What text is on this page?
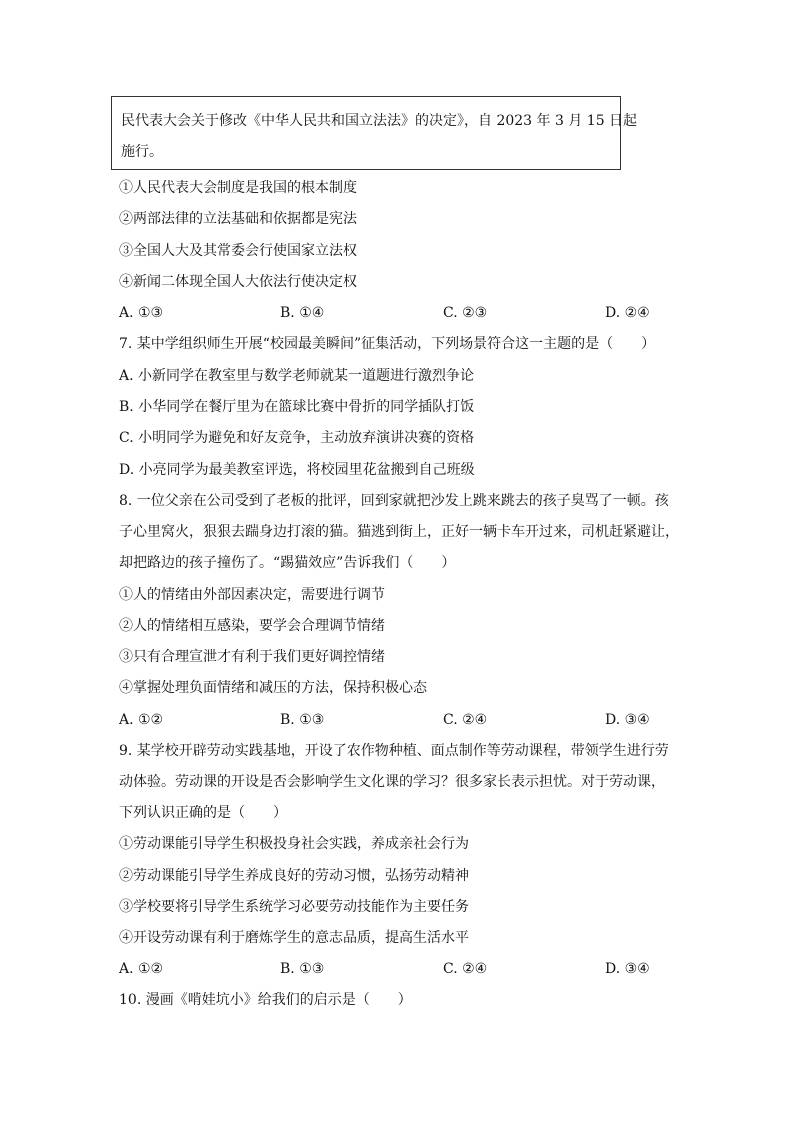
民代表大会关于修改《中华人民共和国立法法》的决定》，自 2023 年 3 月 15 日起
施行。
①人民代表大会制度是我国的根本制度
②两部法律的立法基础和依据都是宪法
③全国人大及其常委会行使国家立法权
④新闻二体现全国人大依法行使决定权
A. ①③	B. ①④	C. ②③	D. ②④
7. 某中学组织师生开展“校园最美瞬间”征集活动，下列场景符合这一主题的是（　　）
A. 小新同学在教室里与数学老师就某一道题进行激烈争论
B. 小华同学在餐厅里为在篮球比赛中骨折的同学插队打饭
C. 小明同学为避免和好友竞争，主动放弃演讲决赛的资格
D. 小亮同学为最美教室评选，将校园里花盆搬到自己班级
8. 一位父亲在公司受到了老板的批评，回到家就把沙发上跳来跳去的孩子臭骂了一顿。孩
子心里窝火，狠狠去踹身边打滚的猫。猫逃到街上，正好一辆卡车开过来，司机赶紧避让，
却把路边的孩子撞伤了。“踢猫效应”告诉我们（　　）
①人的情绪由外部因素决定，需要进行调节
②人的情绪相互感染，要学会合理调节情绪
③只有合理宣泄才有利于我们更好调控情绪
④掌握处理负面情绪和减压的方法，保持积极心态
A. ①②	B. ①③	C. ②④	D. ③④
9. 某学校开辟劳动实践基地，开设了农作物种植、面点制作等劳动课程，带领学生进行劳
动体验。劳动课的开设是否会影响学生文化课的学习？很多家长表示担忧。对于劳动课，
下列认识正确的是（　　）
①劳动课能引导学生积极投身社会实践，养成亲社会行为
②劳动课能引导学生养成良好的劳动习惯，弘扬劳动精神
③学校要将引导学生系统学习必要劳动技能作为主要任务
④开设劳动课有利于磨炼学生的意志品质，提高生活水平
A. ①②	B. ①③	C. ②④	D. ③④
10. 漫画《啃娃坑小》给我们的启示是（　　）
